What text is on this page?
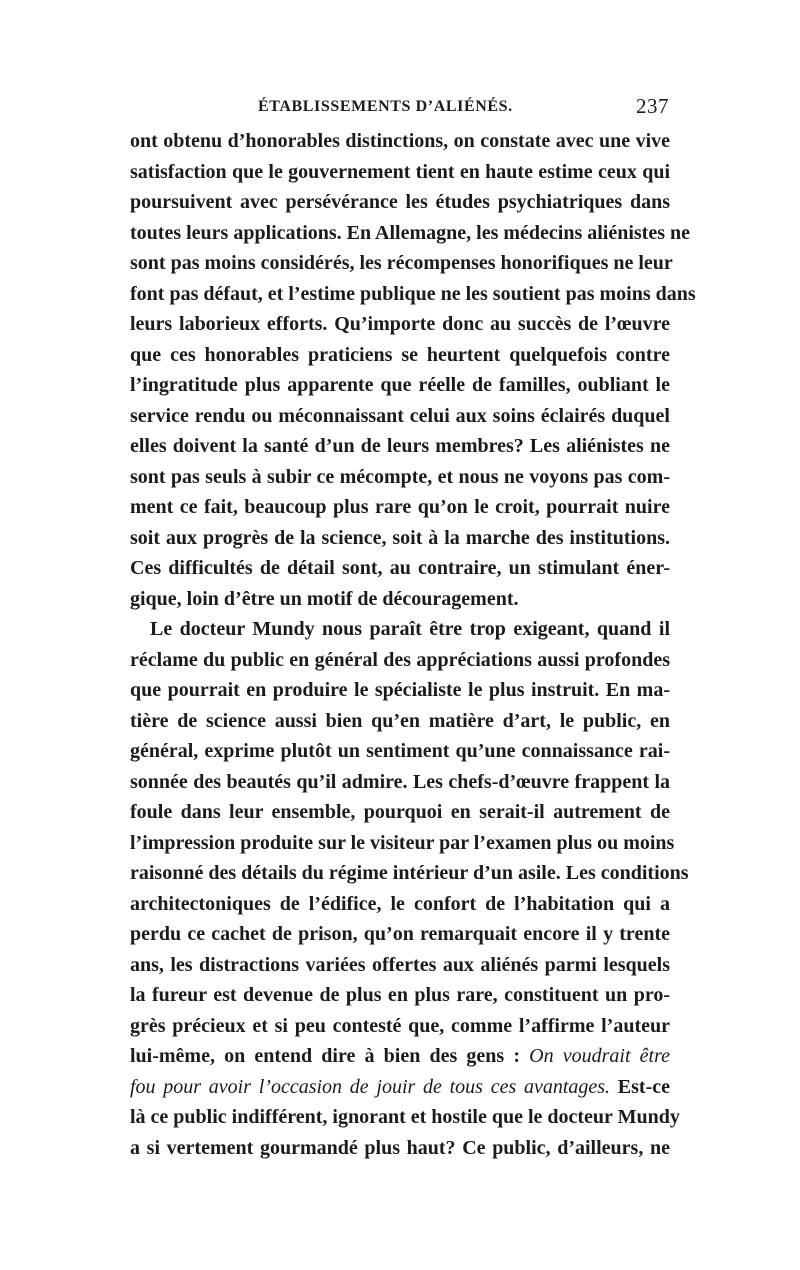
ÉTABLISSEMENTS D’ALIÉNÉS.	237
ont obtenu d’honorables distinctions, on constate avec une vive
satisfaction que le gouvernement tient en haute estime ceux qui
poursuivent avec persévérance les études psychiatriques dans
toutes leurs applications. En Allemagne, les médecins aliénistes ne
sont pas moins considérés, les récompenses honorifiques ne leur
font pas défaut, et l’estime publique ne les soutient pas moins dans
leurs laborieux efforts. Qu’importe donc au succès de l’œuvre
que ces honorables praticiens se heurtent quelquefois contre
l’ingratitude plus apparente que réelle de familles, oubliant le
service rendu ou méconnaissant celui aux soins éclairés duquel
elles doivent la santé d’un de leurs membres? Les aliénistes ne
sont pas seuls à subir ce mécompte, et nous ne voyons pas com-
ment ce fait, beaucoup plus rare qu’on le croit, pourrait nuire
soit aux progrès de la science, soit à la marche des institutions.
Ces difficultés de détail sont, au contraire, un stimulant éner-
gique, loin d’être un motif de découragement.
Le docteur Mundy nous paraît être trop exigeant, quand il
réclame du public en général des appréciations aussi profondes
que pourrait en produire le spécialiste le plus instruit. En ma-
tière de science aussi bien qu’en matière d’art, le public, en
général, exprime plutôt un sentiment qu’une connaissance rai-
sonnée des beautés qu’il admire. Les chefs-d’œuvre frappent la
foule dans leur ensemble, pourquoi en serait-il autrement de
l’impression produite sur le visiteur par l’examen plus ou moins
raisonné des détails du régime intérieur d’un asile. Les conditions
architectoniques de l’édifice, le confort de l’habitation qui a
perdu ce cachet de prison, qu’on remarquait encore il y trente
ans, les distractions variées offertes aux aliénés parmi lesquels
la fureur est devenue de plus en plus rare, constituent un pro-
grès précieux et si peu contesté que, comme l’affirme l’auteur
lui-même, on entend dire à bien des gens : On voudrait être
fou pour avoir l’occasion de jouir de tous ces avantages. Est-ce
là ce public indifférent, ignorant et hostile que le docteur Mundy
a si vertement gourmandé plus haut? Ce public, d’ailleurs, ne
